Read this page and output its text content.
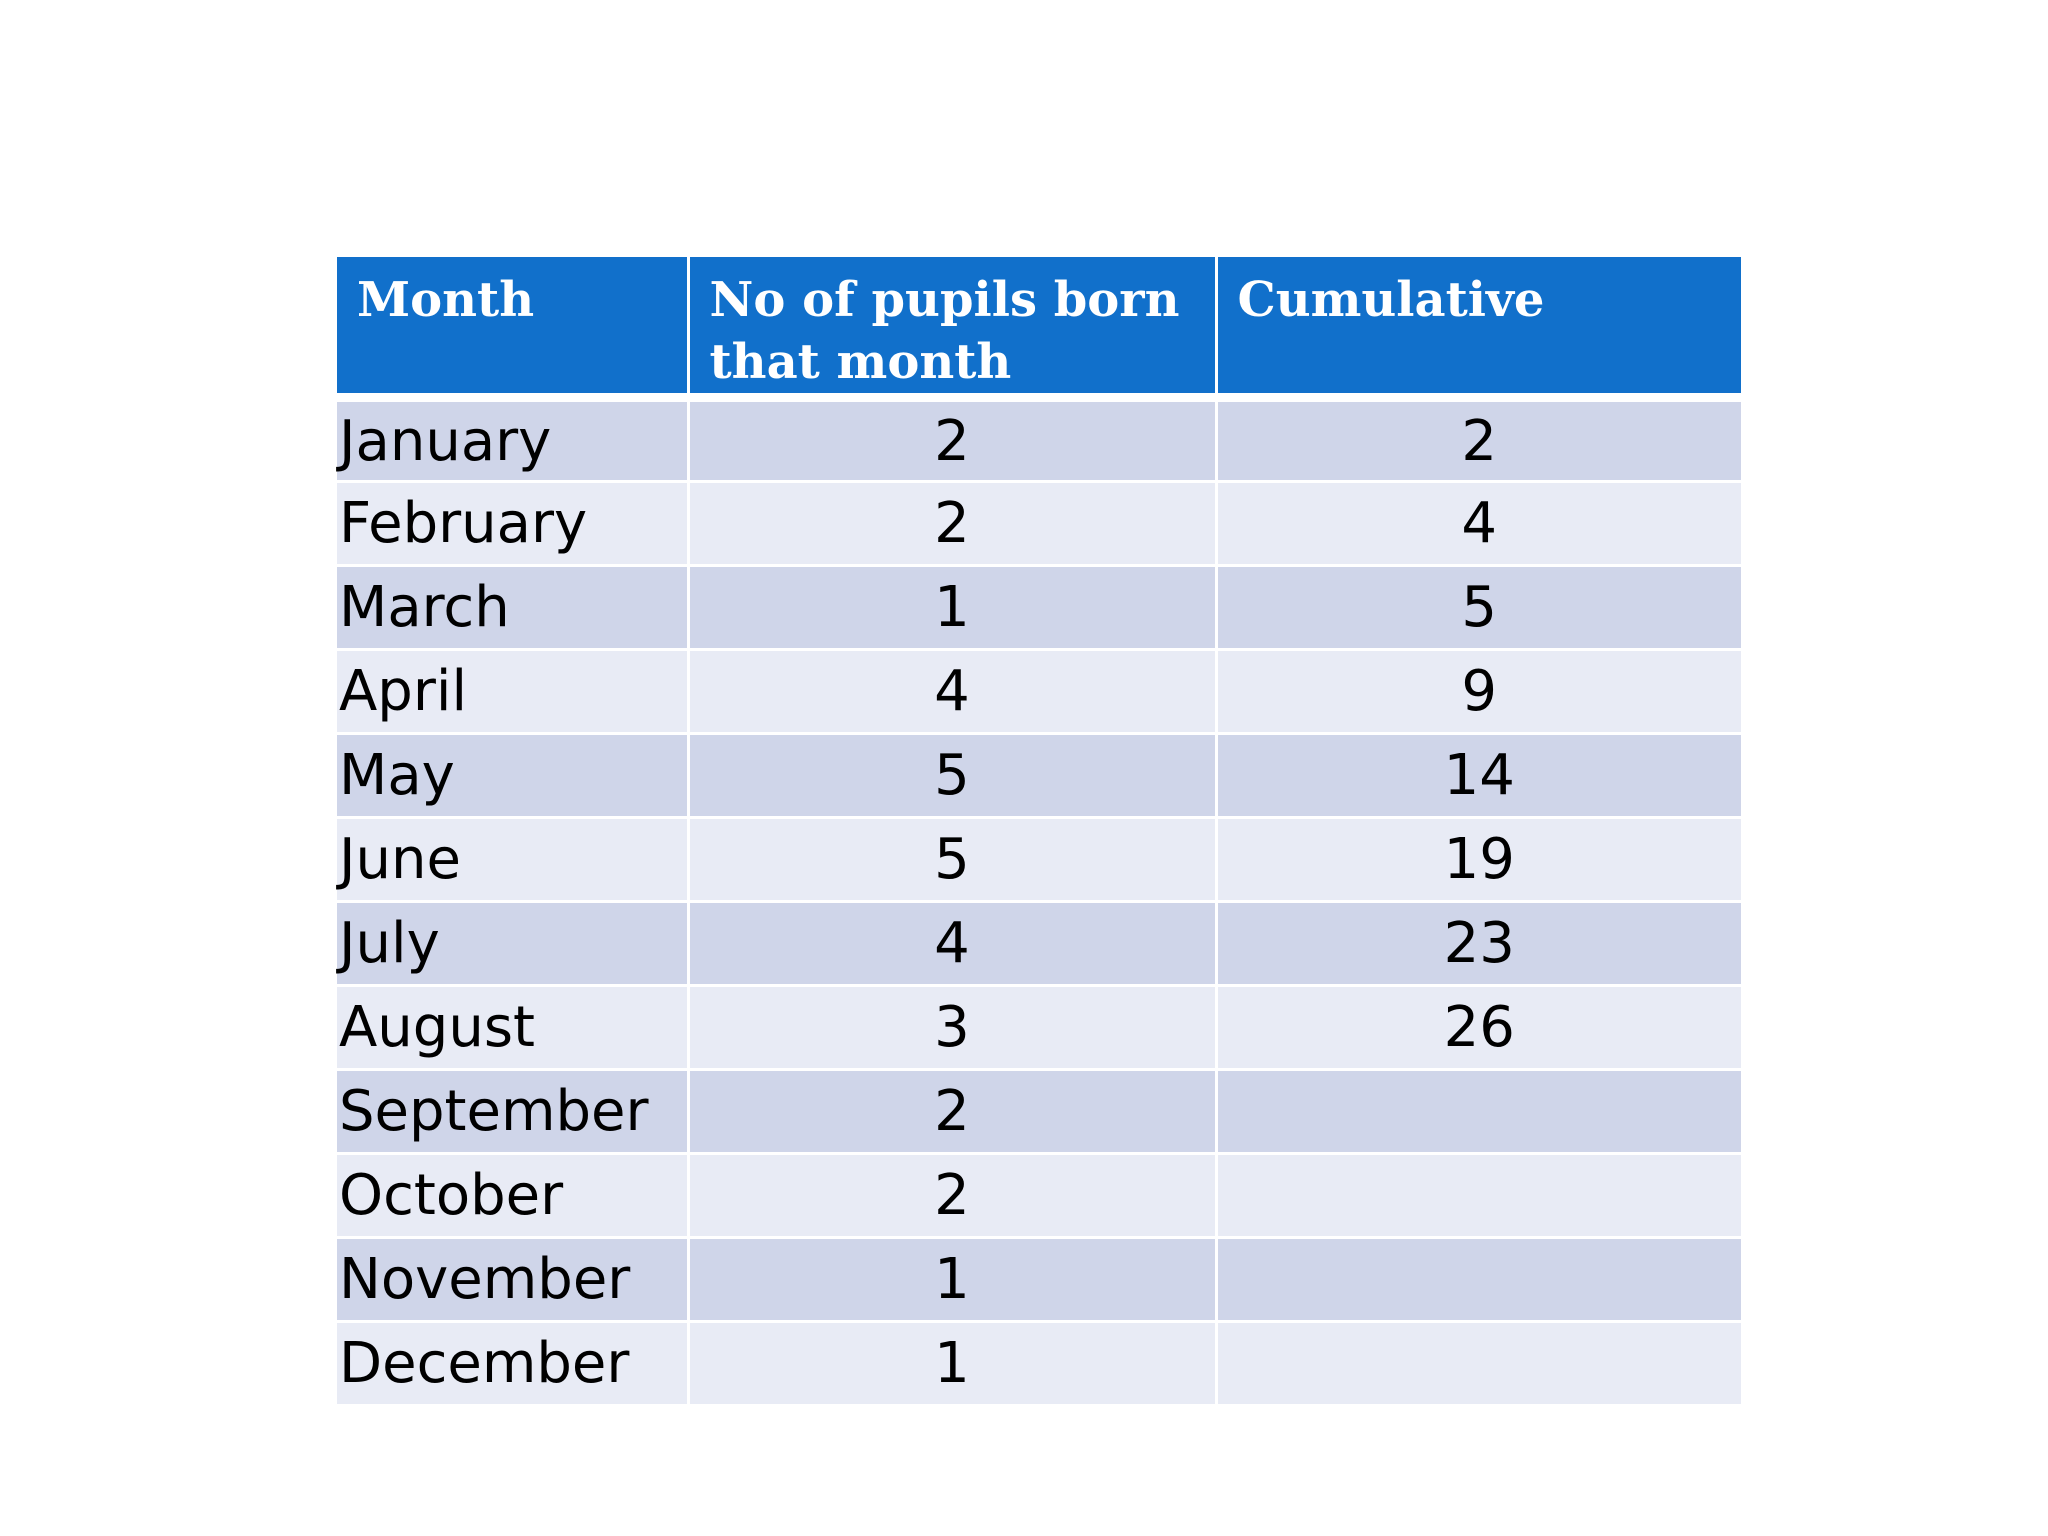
Month	No of pupils born that month	Cumulative
January	2	2
February	2	4
March	1	5
April	4	9
May	5	14
June	5	19
July	4	23
August	3	26
September	2	
October	2	
November	1	
December	1	
